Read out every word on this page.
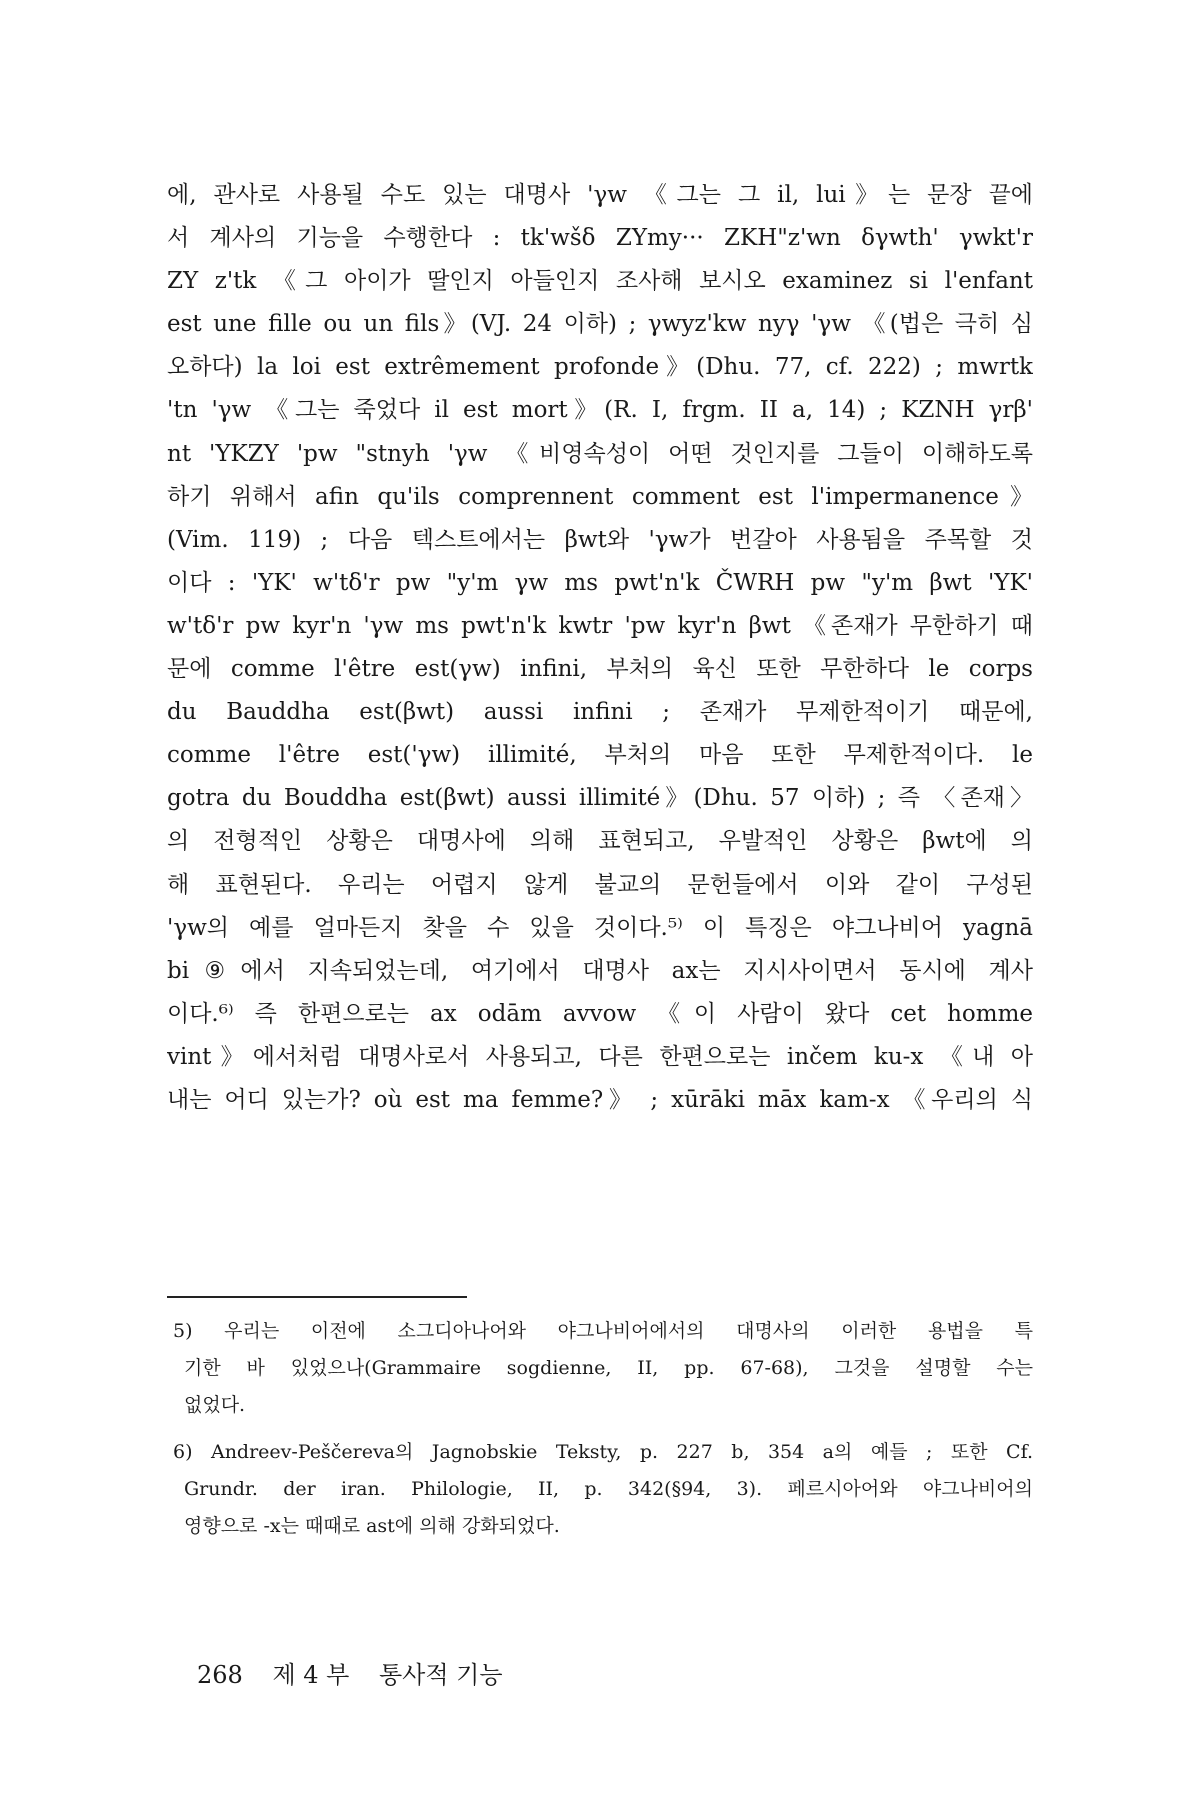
에, 관사로 사용될 수도 있는 대명사 'γw 《그는 그 il, lui》는 문장 끝에
서 계사의 기능을 수행한다 : tk'wšδ ZYmy··· ZKH"z'wn δγwth' γwkt'r
ZY z'tk 《그 아이가 딸인지 아들인지 조사해 보시오 examinez si l'enfant
est une fille ou un fils》(VJ. 24 이하) ; γwyz'kw nyγ 'γw 《(법은 극히 심
오하다) la loi est extrêmement profonde》(Dhu. 77, cf. 222) ; mwrtk
'tn 'γw 《그는 죽었다 il est mort》(R. I, frgm. II a, 14) ; KZNH γrβ'
nt 'YKZY 'pw "stnyh 'γw 《비영속성이 어떤 것인지를 그들이 이해하도록
하기 위해서 afin qu'ils comprennent comment est l'impermanence》
(Vim. 119) ; 다음 텍스트에서는 βwt와 'γw가 번갈아 사용됨을 주목할 것
이다 : 'YK' w'tδ'r pw "y'm γw ms pwt'n'k ČWRH pw "y'm βwt 'YK'
w'tδ'r pw kyr'n 'γw ms pwt'n'k kwtr 'pw kyr'n βwt 《존재가 무한하기 때
문에 comme l'être est(γw) infini, 부처의 육신 또한 무한하다 le corps
du Bauddha est(βwt) aussi infini ; 존재가 무제한적이기 때문에,
comme l'être est('γw) illimité, 부처의 마음 또한 무제한적이다. le
gotra du Bouddha est(βwt) aussi illimité》(Dhu. 57 이하) ; 즉 〈존재〉
의 전형적인 상황은 대명사에 의해 표현되고, 우발적인 상황은 βwt에 의
해 표현된다. 우리는 어렵지 않게 불교의 문헌들에서 이와 같이 구성된
'γw의 예를 얼마든지 찾을 수 있을 것이다.⁵⁾ 이 특징은 야그나비어 yagnā
bi⑨에서 지속되었는데, 여기에서 대명사 ax는 지시사이면서 동시에 계사
이다.⁶⁾ 즉 한편으로는 ax odām avvow 《이 사람이 왔다 cet homme
vint》에서처럼 대명사로서 사용되고, 다른 한편으로는 inčem ku-x 《내 아
내는 어디 있는가? où est ma femme?》 ; xūrāki māx kam-x 《우리의 식
5) 우리는 이전에 소그디아나어와 야그나비어에서의 대명사의 이러한 용법을 특
기한 바 있었으나(Grammaire sogdienne, II, pp. 67-68), 그것을 설명할 수는
없었다.
6) Andreev-Peščereva의 Jagnobskie Teksty, p. 227 b, 354 a의 예들 ; 또한 Cf.
Grundr. der iran. Philologie, II, p. 342(§94, 3). 페르시아어와 야그나비어의
영향으로 -x는 때때로 ast에 의해 강화되었다.
268 제 4 부 통사적 기능
